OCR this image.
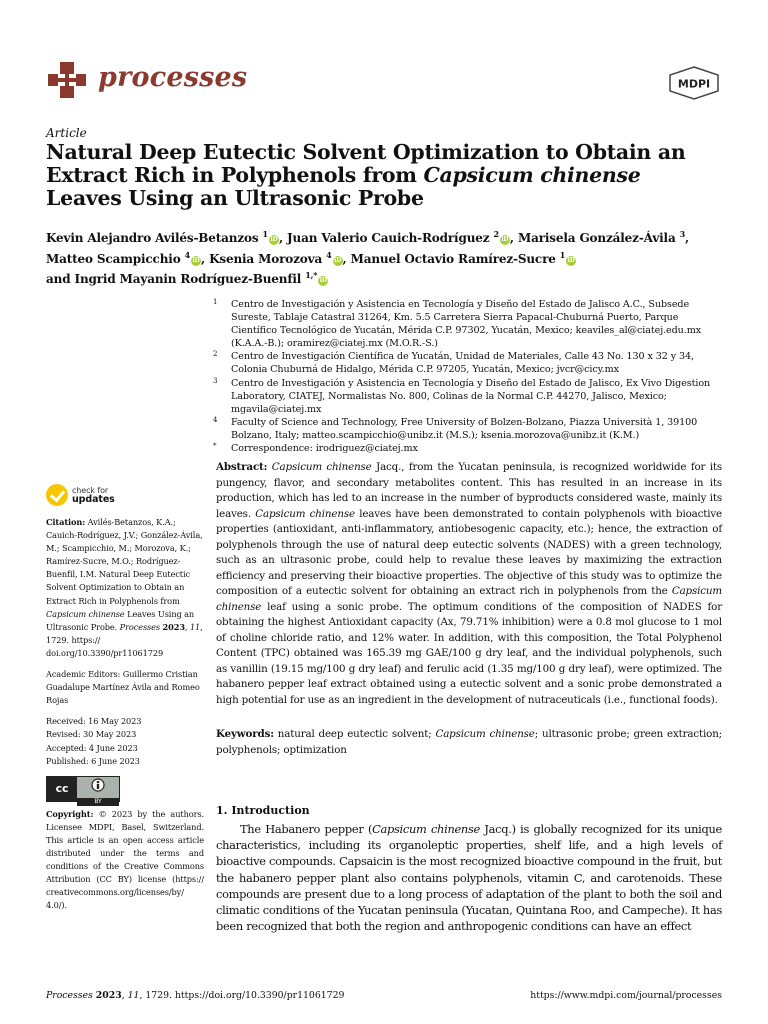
processes	MDPI
Article
Natural Deep Eutectic Solvent Optimization to Obtain an Extract Rich in Polyphenols from Capsicum chinense Leaves Using an Ultrasonic Probe
Kevin Alejandro Avilés-Betanzos $^1$iD, Juan Valerio Cauich-Rodríguez $^2$iD, Marisela González-Ávila $^3$,
Matteo Scampicchio $^4$iD, Ksenia Morozova $^4$iD, Manuel Octavio Ramírez-Sucre $^1$iD
and Ingrid Mayanin Rodríguez-Buenfil $^{1,*}$iD
1 Centro de Investigación y Asistencia en Tecnología y Diseño del Estado de Jalisco A.C., Subsede Sureste, Tablaje Catastral 31264, Km. 5.5 Carretera Sierra Papacal-Chuburná Puerto, Parque Científico Tecnológico de Yucatán, Mérida C.P. 97302, Yucatán, Mexico; keaviles_al@ciatej.edu.mx (K.A.A.-B.); oramirez@ciatej.mx (M.O.R.-S.)
2 Centro de Investigación Científica de Yucatán, Unidad de Materiales, Calle 43 No. 130 x 32 y 34, Colonia Chuburná de Hidalgo, Mérida C.P. 97205, Yucatán, Mexico; jvcr@cicy.mx
3 Centro de Investigación y Asistencia en Tecnología y Diseño del Estado de Jalisco, Ex Vivo Digestion Laboratory, CIATEJ, Normalistas No. 800, Colinas de la Normal C.P. 44270, Jalisco, Mexico; mgavila@ciatej.mx
4 Faculty of Science and Technology, Free University of Bolzen-Bolzano, Piazza Università 1, 39100 Bolzano, Italy; matteo.scampicchio@unibz.it (M.S.); ksenia.morozova@unibz.it (K.M.)
* Correspondence: irodriguez@ciatej.mx
check for
updates
Citation: Avilés-Betanzos, K.A.; Cauich-Rodríguez, J.V.; González-Ávila, M.; Scampicchio, M.; Morozova, K.; Ramírez-Sucre, M.O.; Rodríguez-Buenfil, I.M. Natural Deep Eutectic Solvent Optimization to Obtain an Extract Rich in Polyphenols from Capsicum chinense Leaves Using an Ultrasonic Probe. Processes 2023, 11, 1729. https:// doi.org/10.3390/pr11061729
Academic Editors: Guillermo Cristian Guadalupe Martínez Ávila and Romeo Rojas
Received: 16 May 2023
Revised: 30 May 2023
Accepted: 4 June 2023
Published: 6 June 2023
cc
BY
Copyright: © 2023 by the authors. Licensee MDPI, Basel, Switzerland. This article is an open access article distributed under the terms and conditions of the Creative Commons Attribution (CC BY) license (https:// creativecommons.org/licenses/by/ 4.0/).
Abstract: Capsicum chinense Jacq., from the Yucatan peninsula, is recognized worldwide for its pungency, flavor, and secondary metabolites content. This has resulted in an increase in its production, which has led to an increase in the number of byproducts considered waste, mainly its leaves. Capsicum chinense leaves have been demonstrated to contain polyphenols with bioactive properties (antioxidant, anti-inflammatory, antiobesogenic capacity, etc.); hence, the extraction of polyphenols through the use of natural deep eutectic solvents (NADES) with a green technology, such as an ultrasonic probe, could help to revalue these leaves by maximizing the extraction efficiency and preserving their bioactive properties. The objective of this study was to optimize the composition of a eutectic solvent for obtaining an extract rich in polyphenols from the Capsicum chinense leaf using a sonic probe. The optimum conditions of the composition of NADES for obtaining the highest Antioxidant capacity (Ax, 79.71% inhibition) were a 0.8 mol glucose to 1 mol of choline chloride ratio, and 12% water. In addition, with this composition, the Total Polyphenol Content (TPC) obtained was 165.39 mg GAE/100 g dry leaf, and the individual polyphenols, such as vanillin (19.15 mg/100 g dry leaf) and ferulic acid (1.35 mg/100 g dry leaf), were optimized. The habanero pepper leaf extract obtained using a eutectic solvent and a sonic probe demonstrated a high potential for use as an ingredient in the development of nutraceuticals (i.e., functional foods).
Keywords: natural deep eutectic solvent; Capsicum chinense; ultrasonic probe; green extraction; polyphenols; optimization
1. Introduction
The Habanero pepper (Capsicum chinense Jacq.) is globally recognized for its unique characteristics, including its organoleptic properties, shelf life, and a high levels of bioactive compounds. Capsaicin is the most recognized bioactive compound in the fruit, but the habanero pepper plant also contains polyphenols, vitamin C, and carotenoids. These compounds are present due to a long process of adaptation of the plant to both the soil and climatic conditions of the Yucatan peninsula (Yucatan, Quintana Roo, and Campeche). It has been recognized that both the region and anthropogenic conditions can have an effect
Processes 2023, 11, 1729. https://doi.org/10.3390/pr11061729	https://www.mdpi.com/journal/processes
